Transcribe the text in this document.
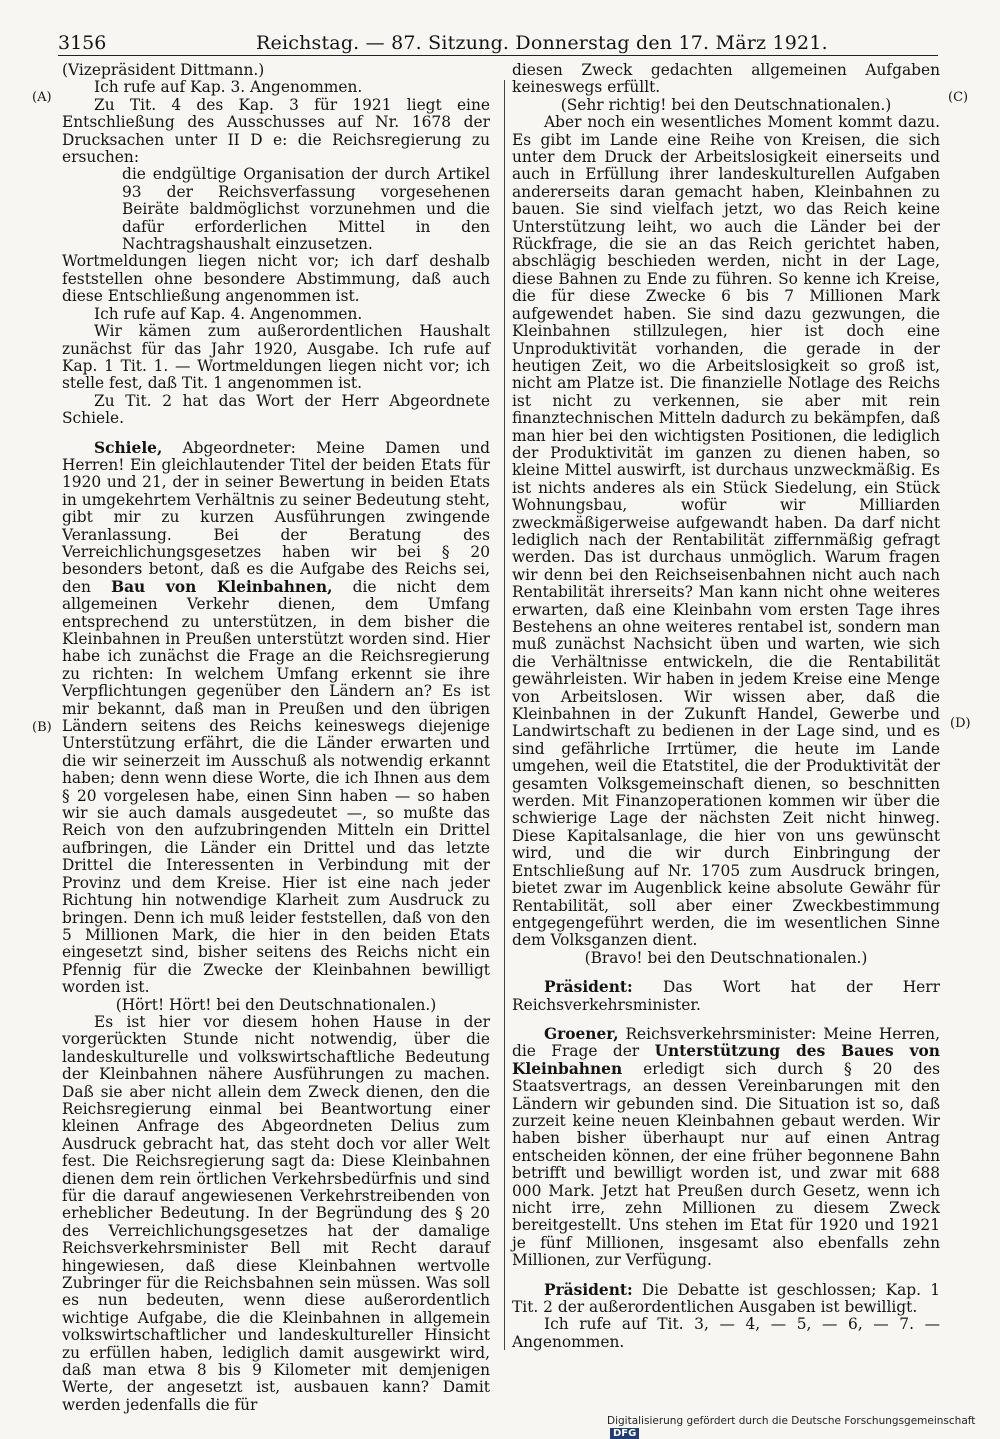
3156	Reichstag. — 87. Sitzung. Donnerstag den 17. März 1921.
(A)
(B)
(C)
(D)

(Vizepräsident Dittmann.)

Ich rufe auf Kap. 3. Angenommen.

Zu Tit. 4 des Kap. 3 für 1921 liegt eine Entschließung des Ausschusses auf Nr. 1678 der Drucksachen unter II D e: die Reichsregierung zu ersuchen:

die endgültige Organisation der durch Artikel 93 der Reichsverfassung vorgesehenen Beiräte baldmöglichst vorzunehmen und die dafür erforderlichen Mittel in den Nachtragshaushalt einzusetzen.

Wortmeldungen liegen nicht vor; ich darf deshalb feststellen ohne besondere Abstimmung, daß auch diese Entschließung angenommen ist.

Ich rufe auf Kap. 4. Angenommen.

Wir kämen zum außerordentlichen Haushalt zunächst für das Jahr 1920, Ausgabe. Ich rufe auf Kap. 1 Tit. 1. — Wortmeldungen liegen nicht vor; ich stelle fest, daß Tit. 1 angenommen ist.

Zu Tit. 2 hat das Wort der Herr Abgeordnete Schiele.

Schiele, Abgeordneter: Meine Damen und Herren! Ein gleichlautender Titel der beiden Etats für 1920 und 21, der in seiner Bewertung in beiden Etats in umgekehrtem Verhältnis zu seiner Bedeutung steht, gibt mir zu kurzen Ausführungen zwingende Veranlassung. Bei der Beratung des Verreichlichungsgesetzes haben wir bei § 20 besonders betont, daß es die Aufgabe des Reichs sei, den Bau von Kleinbahnen, die nicht dem allgemeinen Verkehr dienen, dem Umfang entsprechend zu unterstützen, in dem bisher die Kleinbahnen in Preußen unterstützt worden sind. Hier habe ich zunächst die Frage an die Reichsregierung zu richten: In welchem Umfang erkennt sie ihre Verpflichtungen gegenüber den Ländern an? Es ist mir bekannt, daß man in Preußen und den übrigen Ländern seitens des Reichs keineswegs diejenige Unterstützung erfährt, die die Länder erwarten und die wir seinerzeit im Ausschuß als notwendig erkannt haben; denn wenn diese Worte, die ich Ihnen aus dem § 20 vorgelesen habe, einen Sinn haben — so haben wir sie auch damals ausgedeutet —, so mußte das Reich von den aufzubringenden Mitteln ein Drittel aufbringen, die Länder ein Drittel und das letzte Drittel die Interessenten in Verbindung mit der Provinz und dem Kreise. Hier ist eine nach jeder Richtung hin notwendige Klarheit zum Ausdruck zu bringen. Denn ich muß leider feststellen, daß von den 5 Millionen Mark, die hier in den beiden Etats eingesetzt sind, bisher seitens des Reichs nicht ein Pfennig für die Zwecke der Kleinbahnen bewilligt worden ist.

(Hört! Hört! bei den Deutschnationalen.)

Es ist hier vor diesem hohen Hause in der vorgerückten Stunde nicht notwendig, über die landeskulturelle und volkswirtschaftliche Bedeutung der Kleinbahnen nähere Ausführungen zu machen. Daß sie aber nicht allein dem Zweck dienen, den die Reichsregierung einmal bei Beantwortung einer kleinen Anfrage des Abgeordneten Delius zum Ausdruck gebracht hat, das steht doch vor aller Welt fest. Die Reichsregierung sagt da: Diese Kleinbahnen dienen dem rein örtlichen Verkehrsbedürfnis und sind für die darauf angewiesenen Verkehrstreibenden von erheblicher Bedeutung. In der Begründung des § 20 des Verreichlichungsgesetzes hat der damalige Reichsverkehrsminister Bell mit Recht darauf hingewiesen, daß diese Kleinbahnen wertvolle Zubringer für die Reichsbahnen sein müssen. Was soll es nun bedeuten, wenn diese außerordentlich wichtige Aufgabe, die die Kleinbahnen in allgemein volkswirtschaftlicher und landeskultureller Hinsicht zu erfüllen haben, lediglich damit ausgewirkt wird, daß man etwa 8 bis 9 Kilometer mit demjenigen Werte, der angesetzt ist, ausbauen kann? Damit werden jedenfalls die für

diesen Zweck gedachten allgemeinen Aufgaben keineswegs erfüllt.

(Sehr richtig! bei den Deutschnationalen.)

Aber noch ein wesentliches Moment kommt dazu. Es gibt im Lande eine Reihe von Kreisen, die sich unter dem Druck der Arbeitslosigkeit einerseits und auch in Erfüllung ihrer landeskulturellen Aufgaben andererseits daran gemacht haben, Kleinbahnen zu bauen. Sie sind vielfach jetzt, wo das Reich keine Unterstützung leiht, wo auch die Länder bei der Rückfrage, die sie an das Reich gerichtet haben, abschlägig beschieden werden, nicht in der Lage, diese Bahnen zu Ende zu führen. So kenne ich Kreise, die für diese Zwecke 6 bis 7 Millionen Mark aufgewendet haben. Sie sind dazu gezwungen, die Kleinbahnen stillzulegen, hier ist doch eine Unproduktivität vorhanden, die gerade in der heutigen Zeit, wo die Arbeitslosigkeit so groß ist, nicht am Platze ist. Die finanzielle Notlage des Reichs ist nicht zu verkennen, sie aber mit rein finanztechnischen Mitteln dadurch zu bekämpfen, daß man hier bei den wichtigsten Positionen, die lediglich der Produktivität im ganzen zu dienen haben, so kleine Mittel auswirft, ist durchaus unzweckmäßig. Es ist nichts anderes als ein Stück Siedelung, ein Stück Wohnungsbau, wofür wir Milliarden zweckmäßigerweise aufgewandt haben. Da darf nicht lediglich nach der Rentabilität ziffernmäßig gefragt werden. Das ist durchaus unmöglich. Warum fragen wir denn bei den Reichseisenbahnen nicht auch nach Rentabilität ihrerseits? Man kann nicht ohne weiteres erwarten, daß eine Kleinbahn vom ersten Tage ihres Bestehens an ohne weiteres rentabel ist, sondern man muß zunächst Nachsicht üben und warten, wie sich die Verhältnisse entwickeln, die die Rentabilität gewährleisten. Wir haben in jedem Kreise eine Menge von Arbeitslosen. Wir wissen aber, daß die Kleinbahnen in der Zukunft Handel, Gewerbe und Landwirtschaft zu bedienen in der Lage sind, und es sind gefährliche Irrtümer, die heute im Lande umgehen, weil die Etatstitel, die der Produktivität der gesamten Volksgemeinschaft dienen, so beschnitten werden. Mit Finanzoperationen kommen wir über die schwierige Lage der nächsten Zeit nicht hinweg. Diese Kapitalsanlage, die hier von uns gewünscht wird, und die wir durch Einbringung der Entschließung auf Nr. 1705 zum Ausdruck bringen, bietet zwar im Augenblick keine absolute Gewähr für Rentabilität, soll aber einer Zweckbestimmung entgegengeführt werden, die im wesentlichen Sinne dem Volksganzen dient.

(Bravo! bei den Deutschnationalen.)

Präsident: Das Wort hat der Herr Reichsverkehrsminister.

Groener, Reichsverkehrsminister: Meine Herren, die Frage der Unterstützung des Baues von Kleinbahnen erledigt sich durch § 20 des Staatsvertrags, an dessen Vereinbarungen mit den Ländern wir gebunden sind. Die Situation ist so, daß zurzeit keine neuen Kleinbahnen gebaut werden. Wir haben bisher überhaupt nur auf einen Antrag entscheiden können, der eine früher begonnene Bahn betrifft und bewilligt worden ist, und zwar mit 688 000 Mark. Jetzt hat Preußen durch Gesetz, wenn ich nicht irre, zehn Millionen zu diesem Zweck bereitgestellt. Uns stehen im Etat für 1920 und 1921 je fünf Millionen, insgesamt also ebenfalls zehn Millionen, zur Verfügung.

Präsident: Die Debatte ist geschlossen; Kap. 1 Tit. 2 der außerordentlichen Ausgaben ist bewilligt.

Ich rufe auf Tit. 3, — 4, — 5, — 6, — 7. — Angenommen.

Digitalisierung gefördert durch die Deutsche Forschungsgemeinschaft DFG
